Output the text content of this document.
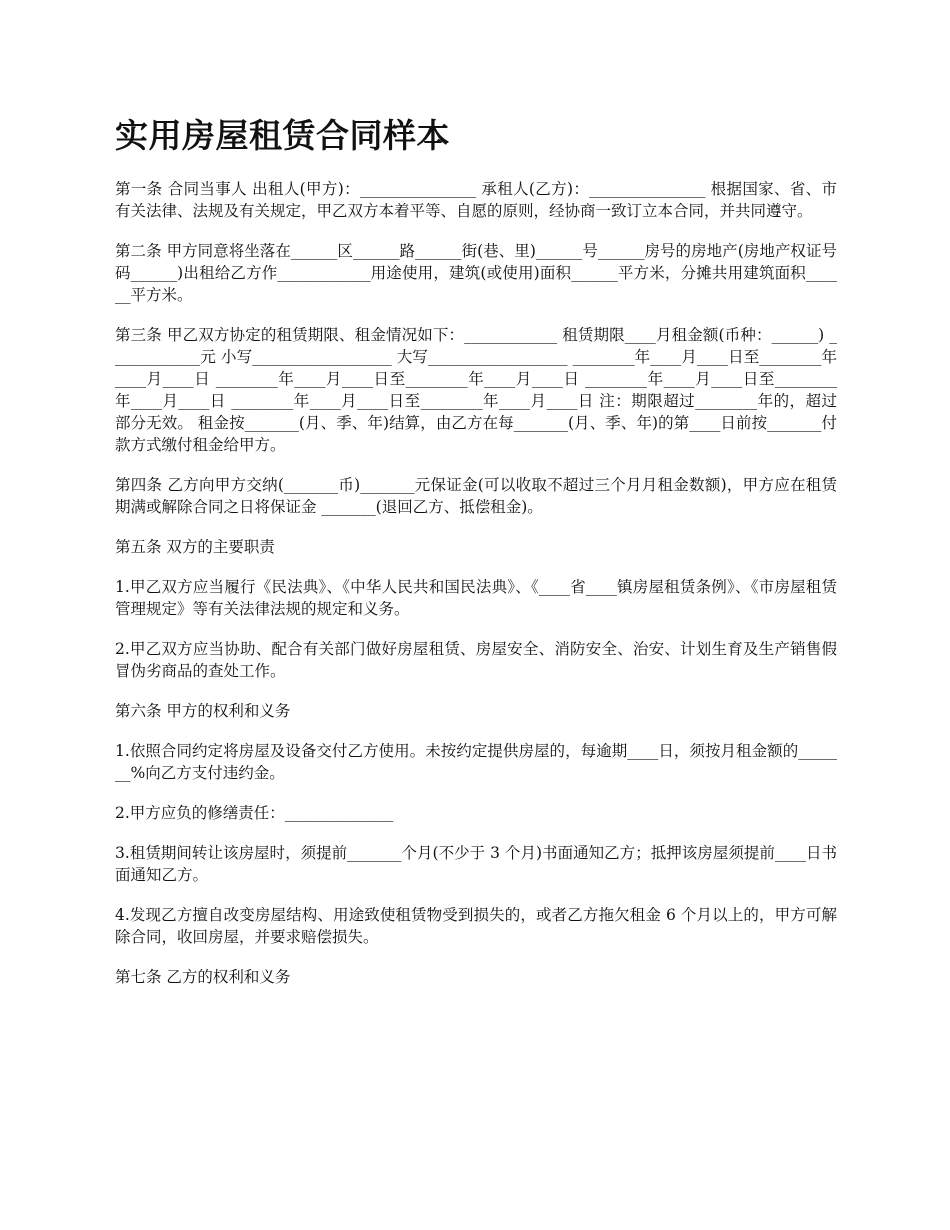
实用房屋租赁合同样本

第一条 合同当事人 出租人(甲方)：_______________ 承租人(乙方)：_______________ 根据国家、省、市有关法律、法规及有关规定，甲乙双方本着平等、自愿的原则，经协商一致订立本合同，并共同遵守。

第二条 甲方同意将坐落在______区______路______街(巷、里)______号______房号的房地产(房地产权证号码______)出租给乙方作____________用途使用，建筑(或使用)面积______平方米，分摊共用建筑面积______平方米。

第三条 甲乙双方协定的租赁期限、租金情况如下：____________ 租赁期限____月租金额(币种：______) ____________元 小写__________________ 大写__________________ ________年____月____日至________年____月____日 ________年____月____日至________年____月____日 ________年____月____日至________年____月____日 ________年____月____日至________年____月____日 注：期限超过________年的，超过部分无效。 租金按_______(月、季、年)结算，由乙方在每_______(月、季、年)的第____日前按_______付款方式缴付租金给甲方。

第四条 乙方向甲方交纳(_______币)_______元保证金(可以收取不超过三个月月租金数额)，甲方应在租赁期满或解除合同之日将保证金 _______(退回乙方、抵偿租金)。

第五条 双方的主要职责

1.甲乙双方应当履行《民法典》、《中华人民共和国民法典》、《____省____镇房屋租赁条例》、《市房屋租赁管理规定》等有关法律法规的规定和义务。

2.甲乙双方应当协助、配合有关部门做好房屋租赁、房屋安全、消防安全、治安、计划生育及生产销售假冒伪劣商品的查处工作。

第六条 甲方的权利和义务

1.依照合同约定将房屋及设备交付乙方使用。未按约定提供房屋的，每逾期____日，须按月租金额的_______%向乙方支付违约金。

2.甲方应负的修缮责任：______________

3.租赁期间转让该房屋时，须提前_______个月(不少于 3 个月)书面通知乙方；抵押该房屋须提前____日书面通知乙方。

4.发现乙方擅自改变房屋结构、用途致使租赁物受到损失的，或者乙方拖欠租金 6 个月以上的，甲方可解除合同，收回房屋，并要求赔偿损失。

第七条 乙方的权利和义务
